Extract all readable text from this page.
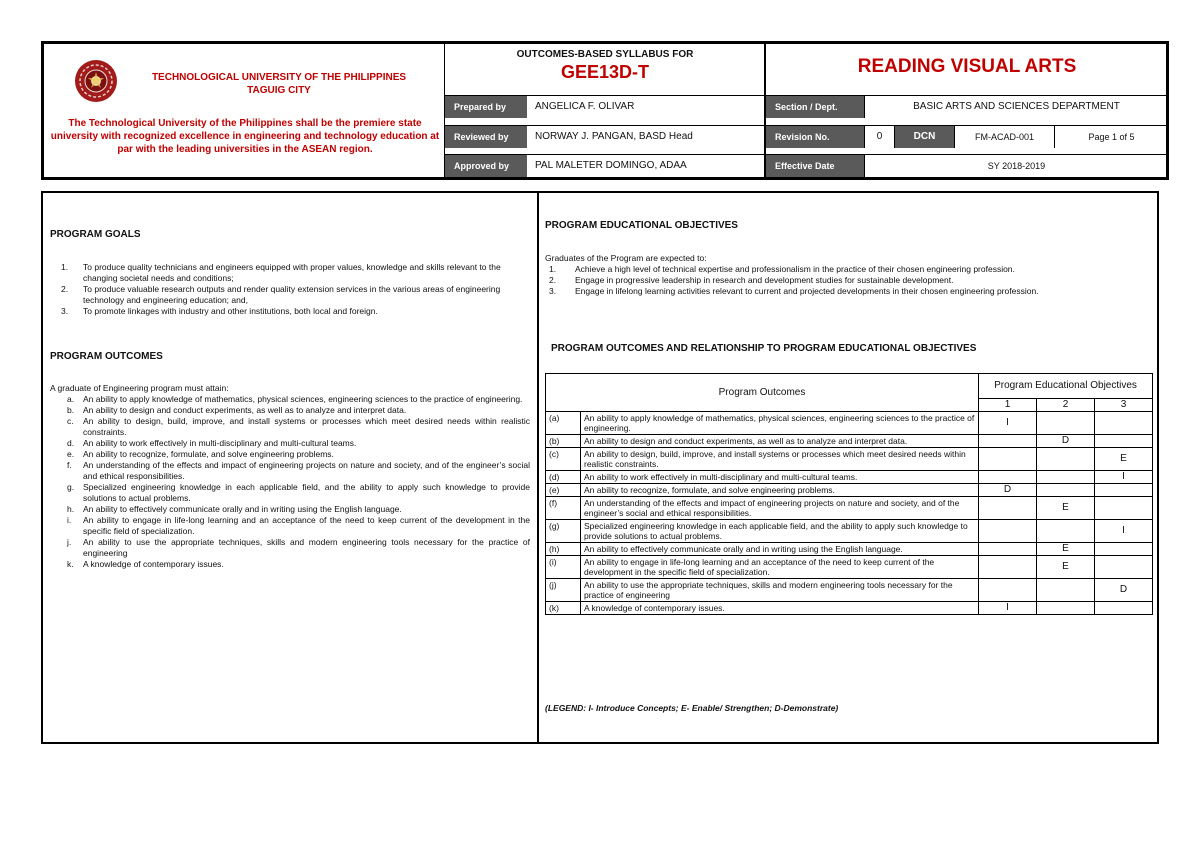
TECHNOLOGICAL UNIVERSITY OF THE PHILIPPINES
TAGUIG CITY
The Technological University of the Philippines shall be the premiere state university with recognized excellence in engineering and technology education at par with the leading universities in the ASEAN region.
OUTCOMES-BASED SYLLABUS FOR
GEE13D-T
Prepared by	ANGELICA F. OLIVAR
Reviewed by	NORWAY J. PANGAN, BASD Head
Approved by	PAL MALETER DOMINGO, ADAA
READING VISUAL ARTS
Section / Dept.	BASIC ARTS AND SCIENCES DEPARTMENT
Revision No.	0	DCN	FM-ACAD-001	Page 1 of 5
Effective Date	SY 2018-2019
PROGRAM GOALS
1. To produce quality technicians and engineers equipped with proper values, knowledge and skills relevant to the changing societal needs and conditions;
2. To produce valuable research outputs and render quality extension services in the various areas of engineering technology and engineering education; and,
3. To promote linkages with industry and other institutions, both local and foreign.
PROGRAM OUTCOMES
A graduate of Engineering program must attain:
a. An ability to apply knowledge of mathematics, physical sciences, engineering sciences to the practice of engineering.
b. An ability to design and conduct experiments, as well as to analyze and interpret data.
c. An ability to design, build, improve, and install systems or processes which meet desired needs within realistic constraints.
d. An ability to work effectively in multi-disciplinary and multi-cultural teams.
e. An ability to recognize, formulate, and solve engineering problems.
f. An understanding of the effects and impact of engineering projects on nature and society, and of the engineer’s social and ethical responsibilities.
g. Specialized engineering knowledge in each applicable field, and the ability to apply such knowledge to provide solutions to actual problems.
h. An ability to effectively communicate orally and in writing using the English language.
i. An ability to engage in life-long learning and an acceptance of the need to keep current of the development in the specific field of specialization.
j. An ability to use the appropriate techniques, skills and modern engineering tools necessary for the practice of engineering
k. A knowledge of contemporary issues.
PROGRAM EDUCATIONAL OBJECTIVES
Graduates of the Program are expected to:
1. Achieve a high level of technical expertise and professionalism in the practice of their chosen engineering profession.
2. Engage in progressive leadership in research and development studies for sustainable development.
3. Engage in lifelong learning activities relevant to current and projected developments in their chosen engineering profession.
PROGRAM OUTCOMES AND RELATIONSHIP TO PROGRAM EDUCATIONAL OBJECTIVES
Program Outcomes		Program Educational Objectives		
		1	2	3
(a)	An ability to apply knowledge of mathematics, physical sciences, engineering sciences to the practice of engineering.	I		
(b)	An ability to design and conduct experiments, as well as to analyze and interpret data.		D	
(c)	An ability to design, build, improve, and install systems or processes which meet desired needs within realistic constraints.			E
(d)	An ability to work effectively in multi-disciplinary and multi-cultural teams.			I
(e)	An ability to recognize, formulate, and solve engineering problems.	D		
(f)	An understanding of the effects and impact of engineering projects on nature and society, and of the engineer’s social and ethical responsibilities.		E	
(g)	Specialized engineering knowledge in each applicable field, and the ability to apply such knowledge to provide solutions to actual problems.			I
(h)	An ability to effectively communicate orally and in writing using the English language.		E	
(i)	An ability to engage in life-long learning and an acceptance of the need to keep current of the development in the specific field of specialization.		E	
(j)	An ability to use the appropriate techniques, skills and modern engineering tools necessary for the practice of engineering			D
(k)	A knowledge of contemporary issues.	I		
(LEGEND: I- Introduce Concepts; E- Enable/ Strengthen; D-Demonstrate)
